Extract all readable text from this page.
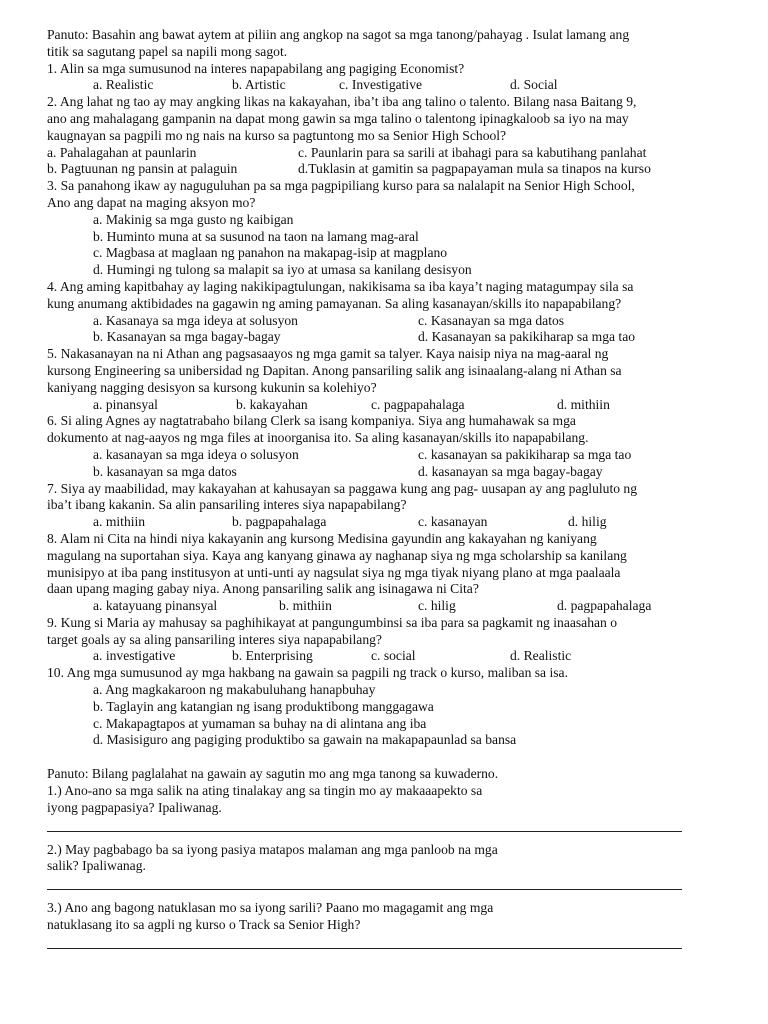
Panuto: Basahin ang bawat aytem at piliin ang angkop na sagot sa mga tanong/pahayag . Isulat lamang ang
titik sa sagutang papel sa napili mong sagot.
1. Alin sa mga sumusunod na interes napapabilang ang pagiging Economist?
a. Realistic	b. Artistic	c. Investigative	d. Social
2. Ang lahat ng tao ay may angking likas na kakayahan, iba’t iba ang talino o talento. Bilang nasa Baitang 9,
ano ang mahalagang gampanin na dapat mong gawin sa mga talino o talentong ipinagkaloob sa iyo na may
kaugnayan sa pagpili mo ng nais na kurso sa pagtuntong mo sa Senior High School?
a. Pahalagahan at paunlarin	c. Paunlarin para sa sarili at ibahagi para sa kabutihang panlahat
b. Pagtuunan ng pansin at palaguin	d.Tuklasin at gamitin sa pagpapayaman mula sa tinapos na kurso
3. Sa panahong ikaw ay naguguluhan pa sa mga pagpipiliang kurso para sa nalalapit na Senior High School,
Ano ang dapat na maging aksyon mo?
a. Makinig sa mga gusto ng kaibigan
b. Huminto muna at sa susunod na taon na lamang mag-aral
c. Magbasa at maglaan ng panahon na makapag-isip at magplano
d. Humingi ng tulong sa malapit sa iyo at umasa sa kanilang desisyon
4. Ang aming kapitbahay ay laging nakikipagtulungan, nakikisama sa iba kaya’t naging matagumpay sila sa
kung anumang aktibidades na gagawin ng aming pamayanan. Sa aling kasanayan/skills ito napapabilang?
a. Kasanaya sa mga ideya at solusyon	c. Kasanayan sa mga datos
b. Kasanayan sa mga bagay-bagay	d. Kasanayan sa pakikiharap sa mga tao
5. Nakasanayan na ni Athan ang pagsasaayos ng mga gamit sa talyer. Kaya naisip niya na mag-aaral ng
kursong Engineering sa unibersidad ng Dapitan. Anong pansariling salik ang isinaalang-alang ni Athan sa
kaniyang nagging desisyon sa kursong kukunin sa kolehiyo?
a. pinansyal	b. kakayahan	c. pagpapahalaga	d. mithiin
6. Si aling Agnes ay nagtatrabaho bilang Clerk sa isang kompaniya. Siya ang humahawak sa mga
dokumento at nag-aayos ng mga files at inoorganisa ito. Sa aling kasanayan/skills ito napapabilang.
a. kasanayan sa mga ideya o solusyon	c. kasanayan sa pakikiharap sa mga tao
b. kasanayan sa mga datos	d. kasanayan sa mga bagay-bagay
7. Siya ay maabilidad, may kakayahan at kahusayan sa paggawa kung ang pag- uusapan ay ang pagluluto ng
iba’t ibang kakanin. Sa alin pansariling interes siya napapabilang?
a. mithiin	b. pagpapahalaga	c. kasanayan	d. hilig
8. Alam ni Cita na hindi niya kakayanin ang kursong Medisina gayundin ang kakayahan ng kaniyang
magulang na suportahan siya. Kaya ang kanyang ginawa ay naghanap siya ng mga scholarship sa kanilang
munisipyo at iba pang institusyon at unti-unti ay nagsulat siya ng mga tiyak niyang plano at mga paalaala
daan upang maging gabay niya. Anong pansariling salik ang isinagawa ni Cita?
a. katayuang pinansyal	b. mithiin	c. hilig	d. pagpapahalaga
9. Kung si Maria ay mahusay sa paghihikayat at pangungumbinsi sa iba para sa pagkamit ng inaasahan o
target goals ay sa aling pansariling interes siya napapabilang?
a. investigative	b. Enterprising	c. social	d. Realistic
10. Ang mga sumusunod ay mga hakbang na gawain sa pagpili ng track o kurso, maliban sa isa.
a. Ang magkakaroon ng makabuluhang hanapbuhay
b. Taglayin ang katangian ng isang produktibong manggagawa
c. Makapagtapos at yumaman sa buhay na di alintana ang iba
d. Masisiguro ang pagiging produktibo sa gawain na makapapaunlad sa bansa
Panuto: Bilang paglalahat na gawain ay sagutin mo ang mga tanong sa kuwaderno.
1.) Ano-ano sa mga salik na ating tinalakay ang sa tingin mo ay makaaapekto sa
iyong pagpapasiya? Ipaliwanag.
2.) May pagbabago ba sa iyong pasiya matapos malaman ang mga panloob na mga
salik? Ipaliwanag.
3.) Ano ang bagong natuklasan mo sa iyong sarili? Paano mo magagamit ang mga
natuklasang ito sa agpli ng kurso o Track sa Senior High?
